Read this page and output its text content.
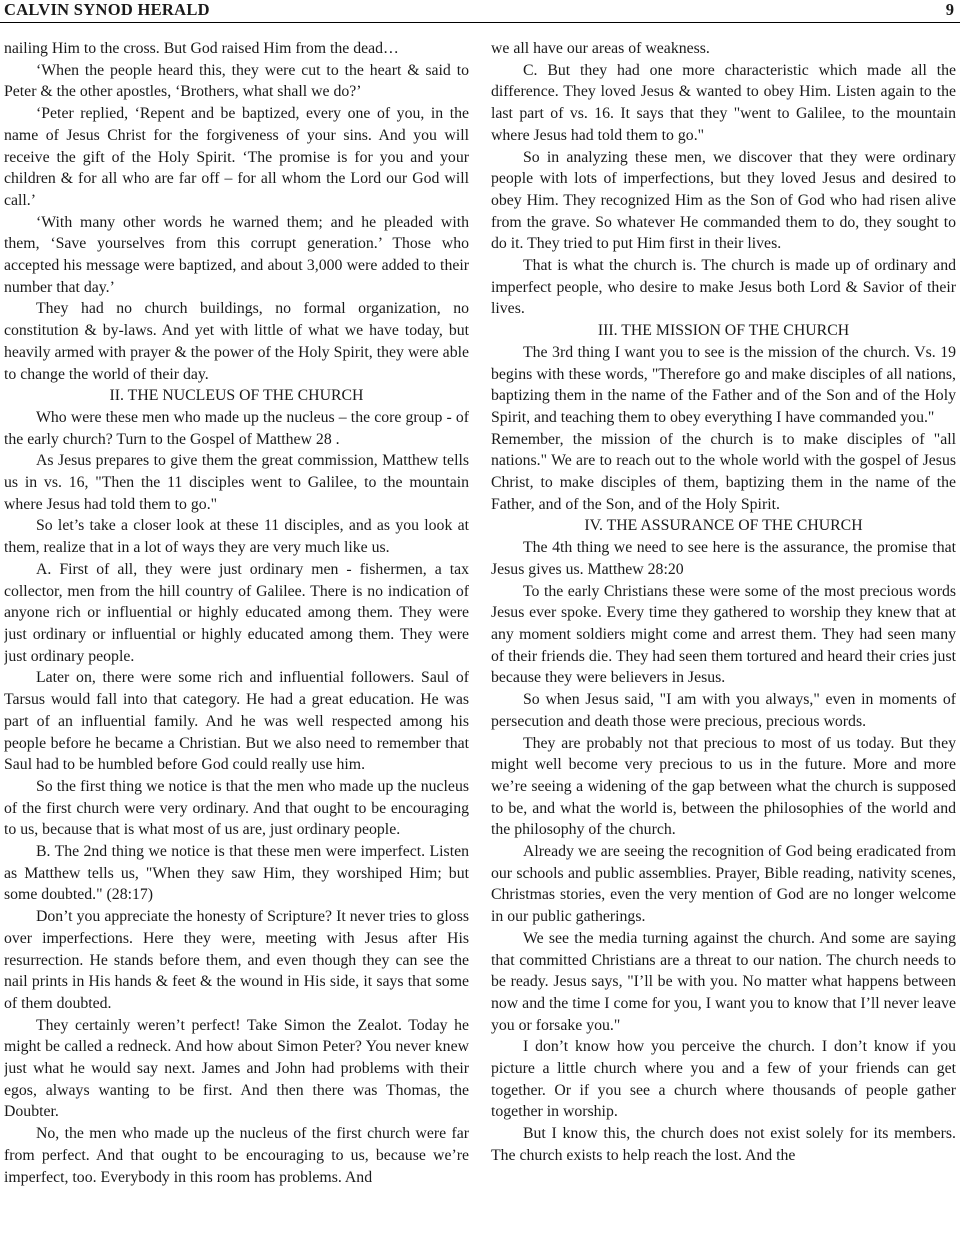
CALVIN SYNOD HERALD	9

nailing Him to the cross. But God raised Him from the dead…

‘When the people heard this, they were cut to the heart & said to Peter & the other apostles, ‘Brothers, what shall we do?’

‘Peter replied, ‘Repent and be baptized, every one of you, in the name of Jesus Christ for the forgiveness of your sins. And you will receive the gift of the Holy Spirit. ‘The promise is for you and your children & for all who are far off – for all whom the Lord our God will call.’

‘With many other words he warned them; and he pleaded with them, ‘Save yourselves from this corrupt generation.’ Those who accepted his message were baptized, and about 3,000 were added to their number that day.’

They had no church buildings, no formal organization, no constitution & by-laws. And yet with little of what we have today, but heavily armed with prayer & the power of the Holy Spirit, they were able to change the world of their day.

II. THE NUCLEUS OF THE CHURCH

Who were these men who made up the nucleus – the core group - of the early church? Turn to the Gospel of Matthew 28 .

As Jesus prepares to give them the great commission, Matthew tells us in vs. 16, "Then the 11 disciples went to Galilee, to the mountain where Jesus had told them to go."

So let’s take a closer look at these 11 disciples, and as you look at them, realize that in a lot of ways they are very much like us.

A. First of all, they were just ordinary men - fishermen, a tax collector, men from the hill country of Galilee. There is no indication of anyone rich or influential or highly educated among them. They were just ordinary or influential or highly educated among them. They were just ordinary people.

Later on, there were some rich and influential followers. Saul of Tarsus would fall into that category. He had a great education. He was part of an influential family. And he was well respected among his people before he became a Christian. But we also need to remember that Saul had to be humbled before God could really use him.

So the first thing we notice is that the men who made up the nucleus of the first church were very ordinary. And that ought to be encouraging to us, because that is what most of us are, just ordinary people.

B. The 2nd thing we notice is that these men were imperfect. Listen as Matthew tells us, "When they saw Him, they worshiped Him; but some doubted." (28:17)

Don’t you appreciate the honesty of Scripture? It never tries to gloss over imperfections. Here they were, meeting with Jesus after His resurrection. He stands before them, and even though they can see the nail prints in His hands & feet & the wound in His side, it says that some of them doubted.

They certainly weren’t perfect! Take Simon the Zealot. Today he might be called a redneck. And how about Simon Peter? You never knew just what he would say next. James and John had problems with their egos, always wanting to be first. And then there was Thomas, the Doubter.

No, the men who made up the nucleus of the first church were far from perfect. And that ought to be encouraging to us, because we’re imperfect, too. Everybody in this room has problems. And

we all have our areas of weakness.

C. But they had one more characteristic which made all the difference. They loved Jesus & wanted to obey Him. Listen again to the last part of vs. 16. It says that they "went to Galilee, to the mountain where Jesus had told them to go."

So in analyzing these men, we discover that they were ordinary people with lots of imperfections, but they loved Jesus and desired to obey Him. They recognized Him as the Son of God who had risen alive from the grave. So whatever He commanded them to do, they sought to do it. They tried to put Him first in their lives.

That is what the church is. The church is made up of ordinary and imperfect people, who desire to make Jesus both Lord & Savior of their lives.

III. THE MISSION OF THE CHURCH

The 3rd thing I want you to see is the mission of the church. Vs. 19 begins with these words, "Therefore go and make disciples of all nations, baptizing them in the name of the Father and of the Son and of the Holy Spirit, and teaching them to obey everything I have commanded you."

Remember, the mission of the church is to make disciples of "all nations." We are to reach out to the whole world with the gospel of Jesus Christ, to make disciples of them, baptizing them in the name of the Father, and of the Son, and of the Holy Spirit.

IV. THE ASSURANCE OF THE CHURCH

The 4th thing we need to see here is the assurance, the promise that Jesus gives us. Matthew 28:20

To the early Christians these were some of the most precious words Jesus ever spoke. Every time they gathered to worship they knew that at any moment soldiers might come and arrest them. They had seen many of their friends die. They had seen them tortured and heard their cries just because they were believers in Jesus.

So when Jesus said, "I am with you always," even in moments of persecution and death those were precious, precious words.

They are probably not that precious to most of us today. But they might well become very precious to us in the future. More and more we’re seeing a widening of the gap between what the church is supposed to be, and what the world is, between the philosophies of the world and the philosophy of the church.

Already we are seeing the recognition of God being eradicated from our schools and public assemblies. Prayer, Bible reading, nativity scenes, Christmas stories, even the very mention of God are no longer welcome in our public gatherings.

We see the media turning against the church. And some are saying that committed Christians are a threat to our nation. The church needs to be ready. Jesus says, "I’ll be with you. No matter what happens between now and the time I come for you, I want you to know that I’ll never leave you or forsake you."

I don’t know how you perceive the church. I don’t know if you picture a little church where you and a few of your friends can get together. Or if you see a church where thousands of people gather together in worship.

But I know this, the church does not exist solely for its members. The church exists to help reach the lost. And the
